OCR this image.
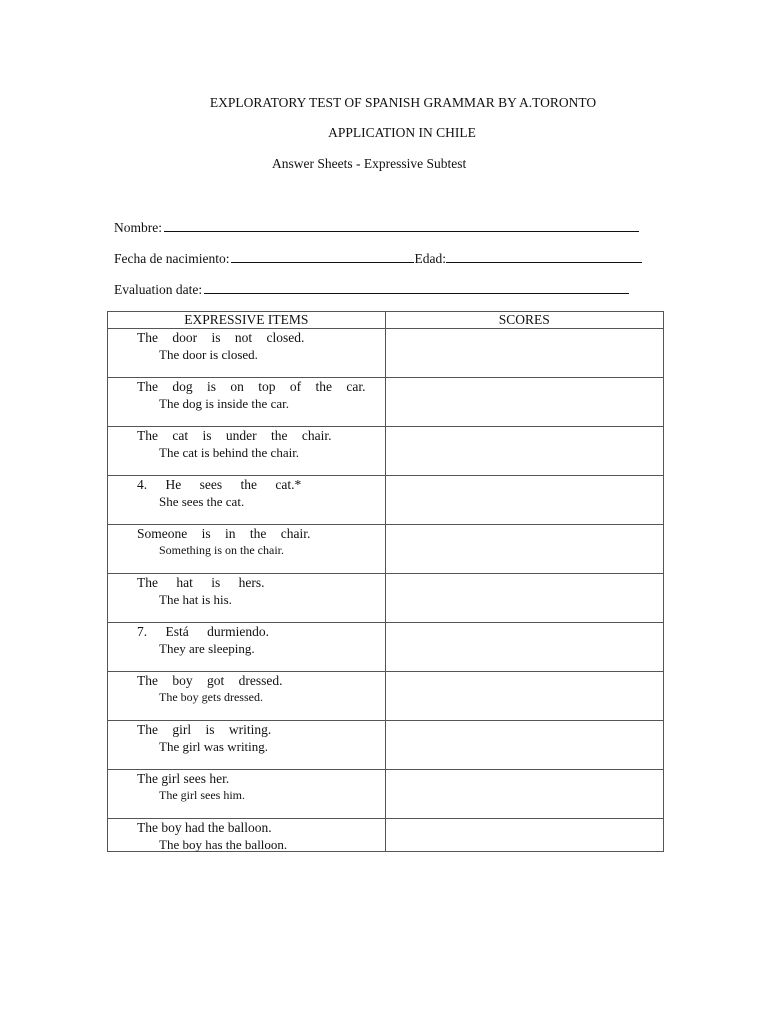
EXPLORATORY TEST OF SPANISH GRAMMAR BY A.TORONTO
APPLICATION IN CHILE
Answer Sheets - Expressive Subtest
Nombre:
Fecha de nacimiento:	Edad:
Evaluation date:
EXPRESSIVE ITEMS	SCORES

The door is not closed.
The door is closed.	

The dog is on top of the car.
The dog is inside the car.	

The cat is under the chair.
The cat is behind the chair.	

4. He sees the cat.*
She sees the cat.	

Someone is in the chair.
Something is on the chair.	

The hat is hers.
The hat is his.	

7. Está durmiendo.
They are sleeping.	

The boy got dressed.
The boy gets dressed.	

The girl is writing.
The girl was writing.	

The girl sees her.
The girl sees him.	

The boy had the balloon.
The boy has the balloon.	
